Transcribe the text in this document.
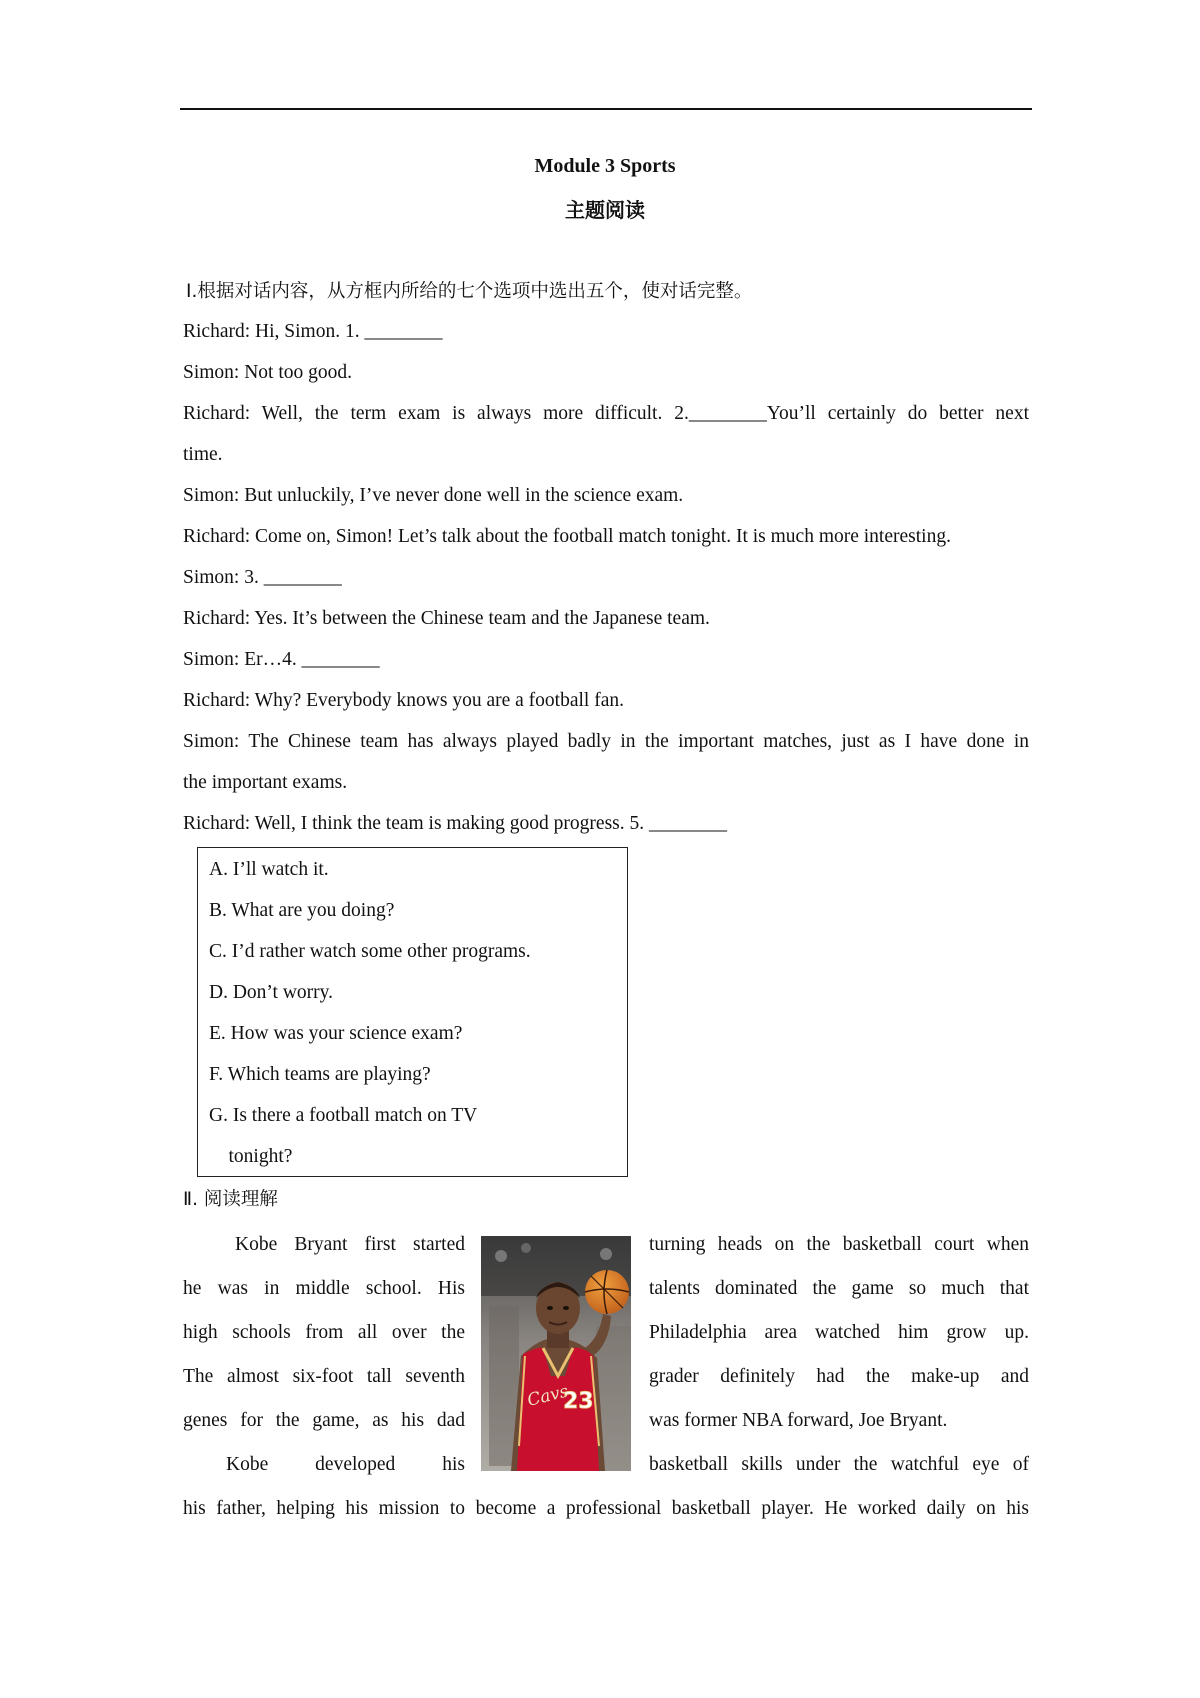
Module 3 Sports
主题阅读
Ⅰ.根据对话内容，从方框内所给的七个选项中选出五个，使对话完整。
Richard: Hi, Simon. 1. ________
Simon: Not too good.
Richard: Well, the term exam is always more difficult. 2.________You’ll certainly do better next
time.
Simon: But unluckily, I’ve never done well in the science exam.
Richard: Come on, Simon! Let’s talk about the football match tonight. It is much more interesting.
Simon: 3. ________
Richard: Yes. It’s between the Chinese team and the Japanese team.
Simon: Er…4. ________
Richard: Why? Everybody knows you are a football fan.
Simon: The Chinese team has always played badly in the important matches, just as I have done in
the important exams.
Richard: Well, I think the team is making good progress. 5. ________
A. I’ll watch it.
B. What are you doing?
C. I’d rather watch some other programs.
D. Don’t worry.
E. How was your science exam?
F. Which teams are playing?
G. Is there a football match on TV
tonight?
Ⅱ. 阅读理解
Kobe Bryant first started
he was in middle school. His
high schools from all over the
The almost six-foot tall seventh
genes for the game, as his dad
Kobe developed his
turning heads on the basketball court when
talents dominated the game so much that
Philadelphia area watched him grow up.
grader definitely had the make-up and
was former NBA forward, Joe Bryant.
basketball skills under the watchful eye of
his father, helping his mission to become a professional basketball player. He worked daily on his
Cavs
23
